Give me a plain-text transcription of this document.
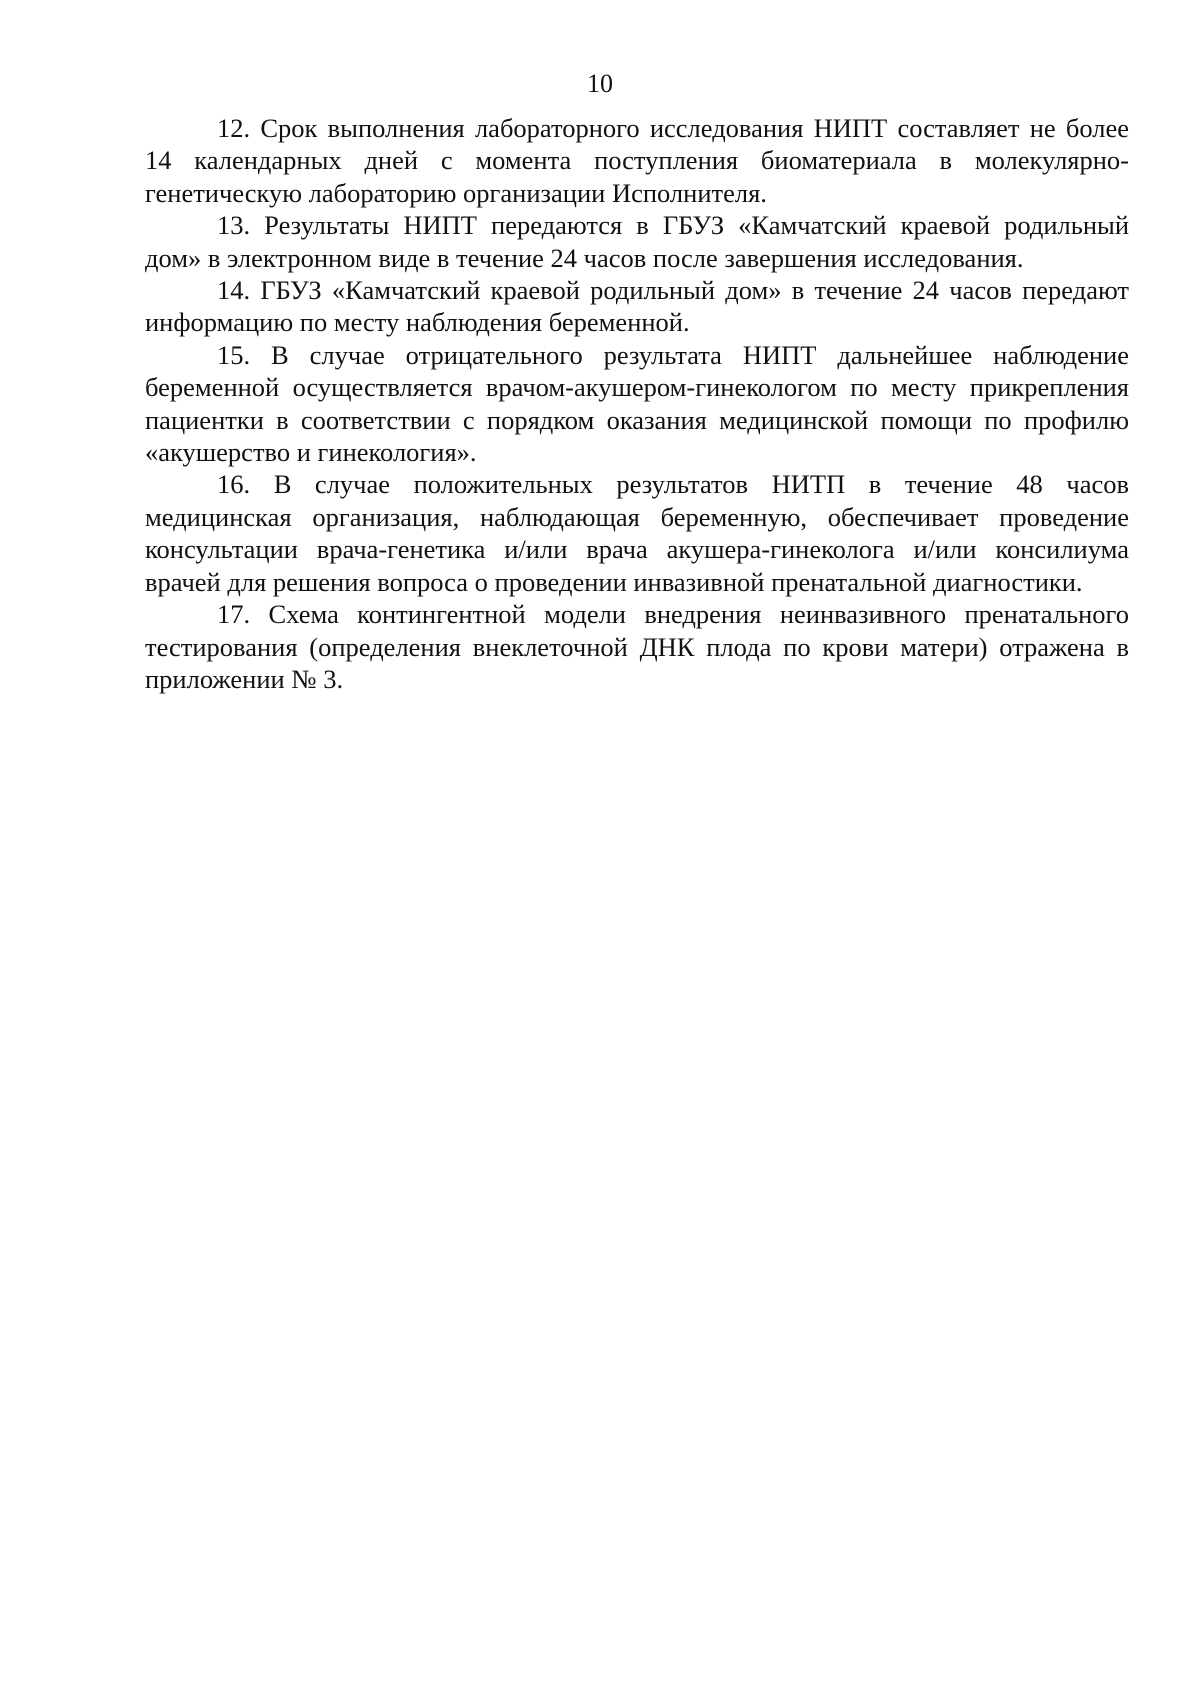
10

12. Срок выполнения лабораторного исследования НИПТ составляет не более 14 календарных дней с момента поступления биоматериала в молекулярно-генетическую лабораторию организации Исполнителя.

13. Результаты НИПТ передаются в ГБУЗ «Камчатский краевой родильный дом» в электронном виде в течение 24 часов после завершения исследования.

14. ГБУЗ «Камчатский краевой родильный дом» в течение 24 часов передают информацию по месту наблюдения беременной.

15. В случае отрицательного результата НИПТ дальнейшее наблюдение беременной осуществляется врачом-акушером-гинекологом по месту прикрепления пациентки в соответствии с порядком оказания медицинской помощи по профилю «акушерство и гинекология».

16. В случае положительных результатов НИТП в течение 48 часов медицинская организация, наблюдающая беременную, обеспечивает проведение консультации врача-генетика и/или врача акушера-гинеколога и/или консилиума врачей для решения вопроса о проведении инвазивной пренатальной диагностики.

17. Схема контингентной модели внедрения неинвазивного пренатального тестирования (определения внеклеточной ДНК плода по крови матери) отражена в приложении № 3.
